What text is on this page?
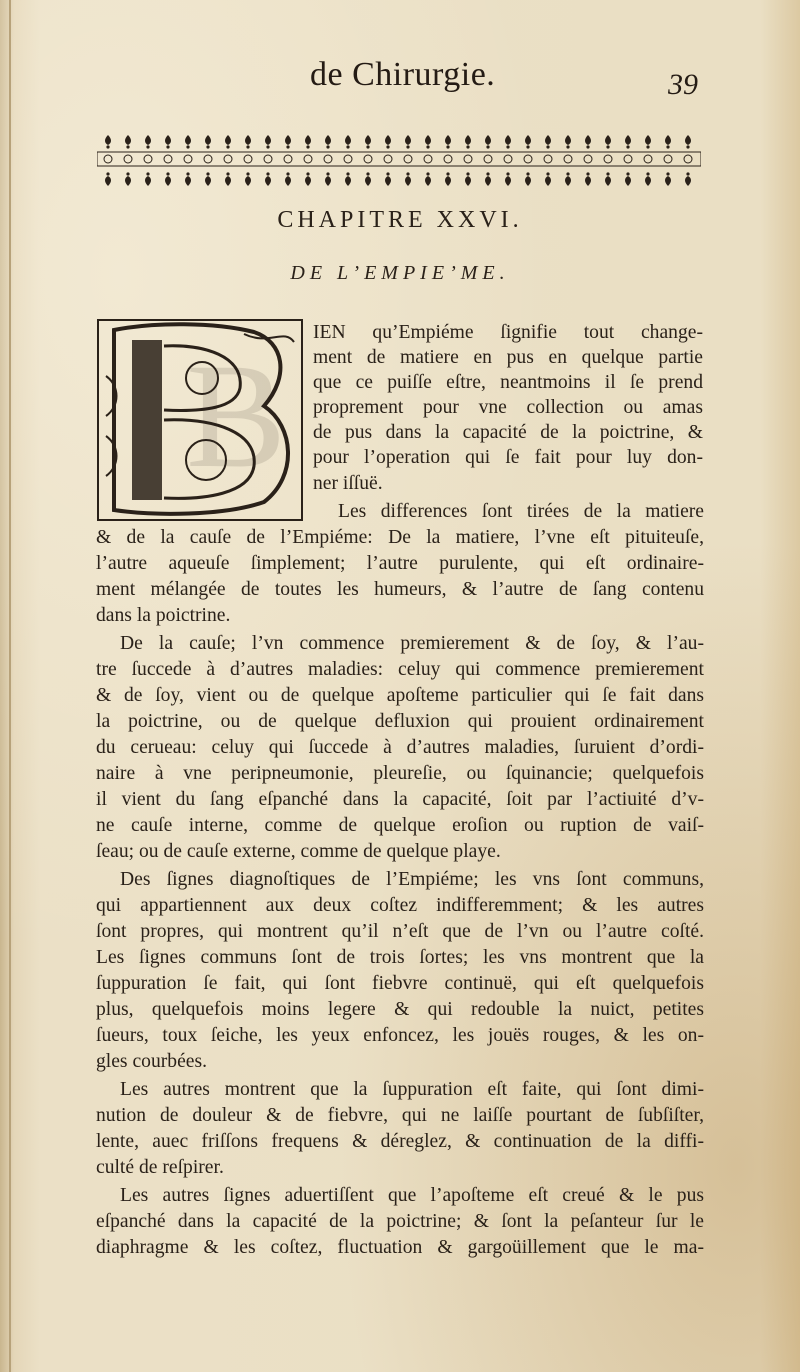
de Chirurgie.	39
CHAPITRE XXVI.
DE L’EMPIE’ME.
B
IEN qu’Empiéme ſignifie tout change-
ment de matiere en pus en quelque partie
que ce puiſſe eſtre, neantmoins il ſe prend
proprement pour vne collection ou amas
de pus dans la capacité de la poictrine, &
pour l’operation qui ſe fait pour luy don-
ner iſſuë.
Les differences ſont tirées de la matiere
& de la cauſe de l’Empiéme: De la matiere, l’vne eſt pituiteuſe,
l’autre aqueuſe ſimplement; l’autre purulente, qui eſt ordinaire-
ment mélangée de toutes les humeurs, & l’autre de ſang contenu
dans la poictrine.
De la cauſe; l’vn commence premierement & de ſoy, & l’au-
tre ſuccede à d’autres maladies: celuy qui commence premierement
& de ſoy, vient ou de quelque apoſteme particulier qui ſe fait dans
la poictrine, ou de quelque defluxion qui prouient ordinairement
du cerueau: celuy qui ſuccede à d’autres maladies, ſuruient d’ordi-
naire à vne peripneumonie, pleureſie, ou ſquinancie; quelquefois
il vient du ſang eſpanché dans la capacité, ſoit par l’actiuité d’v-
ne cauſe interne, comme de quelque eroſion ou ruption de vaiſ-
ſeau; ou de cauſe externe, comme de quelque playe.
Des ſignes diagnoſtiques de l’Empiéme; les vns ſont communs,
qui appartiennent aux deux coſtez indifferemment; & les autres
ſont propres, qui montrent qu’il n’eſt que de l’vn ou l’autre coſté.
Les ſignes communs ſont de trois ſortes; les vns montrent que la
ſuppuration ſe fait, qui ſont fiebvre continuë, qui eſt quelquefois
plus, quelquefois moins legere & qui redouble la nuict, petites
ſueurs, toux ſeiche, les yeux enfoncez, les jouës rouges, & les on-
gles courbées.
Les autres montrent que la ſuppuration eſt faite, qui ſont dimi-
nution de douleur & de fiebvre, qui ne laiſſe pourtant de ſubſiſter,
lente, auec friſſons frequens & déreglez, & continuation de la diffi-
culté de reſpirer.
Les autres ſignes aduertiſſent que l’apoſteme eſt creué & le pus
eſpanché dans la capacité de la poictrine; & ſont la peſanteur ſur le
diaphragme & les coſtez, fluctuation & gargoüillement que le ma-
